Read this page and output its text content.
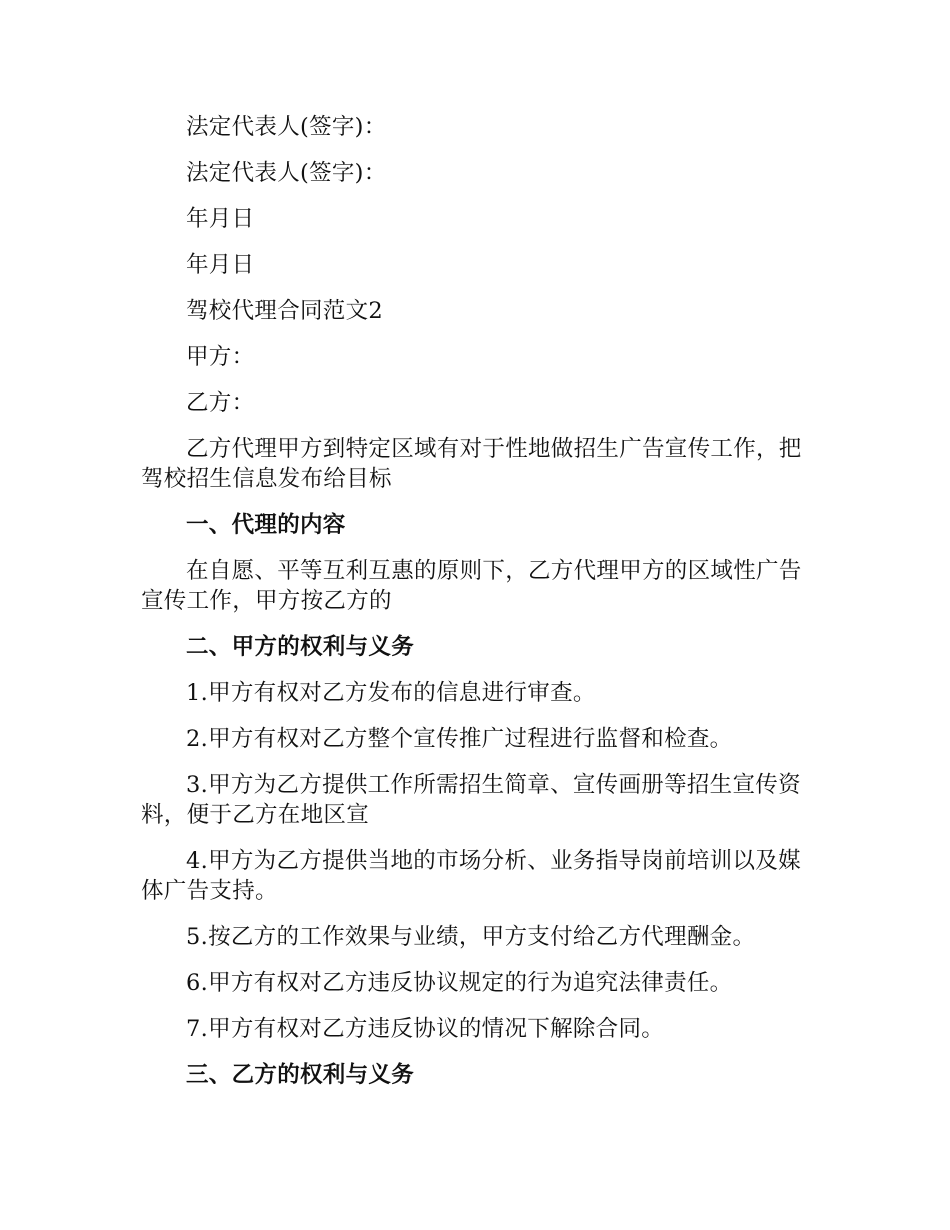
法定代表人(签字)：

法定代表人(签字)：

年月日

年月日

驾校代理合同范文2

甲方：

乙方：

乙方代理甲方到特定区域有对于性地做招生广告宣传工作，把驾校招生信息发布给目标

一、代理的内容

在自愿、平等互利互惠的原则下，乙方代理甲方的区域性广告宣传工作，甲方按乙方的

二、甲方的权利与义务

1.甲方有权对乙方发布的信息进行审查。

2.甲方有权对乙方整个宣传推广过程进行监督和检查。

3.甲方为乙方提供工作所需招生简章、宣传画册等招生宣传资料，便于乙方在地区宣

4.甲方为乙方提供当地的市场分析、业务指导岗前培训以及媒体广告支持。

5.按乙方的工作效果与业绩，甲方支付给乙方代理酬金。

6.甲方有权对乙方违反协议规定的行为追究法律责任。

7.甲方有权对乙方违反协议的情况下解除合同。

三、乙方的权利与义务
